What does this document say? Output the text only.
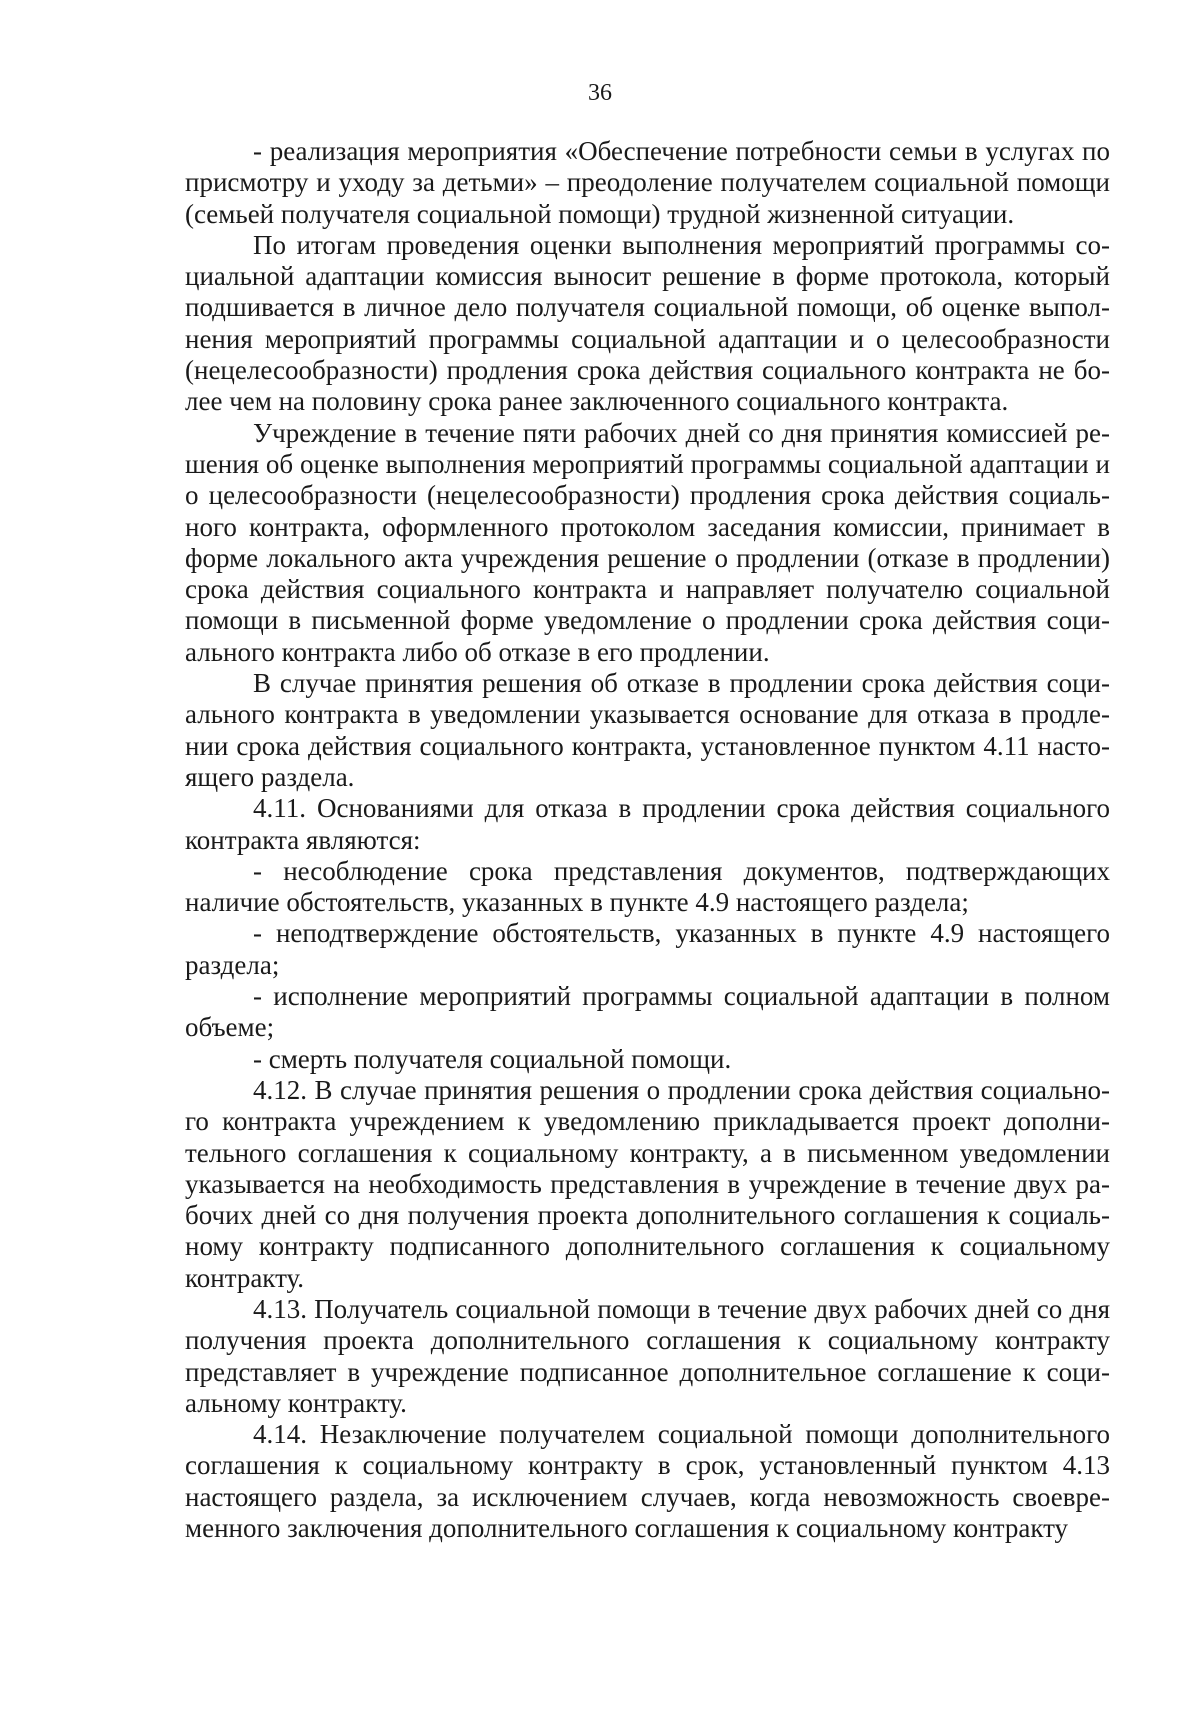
36

- реализация мероприятия «Обеспечение потребности семьи в услугах по присмотру и уходу за детьми» – преодоление получателем социальной помощи (семьей получателя социальной помощи) трудной жизненной ситуации.

По итогам проведения оценки выполнения мероприятий программы социальной адаптации комиссия выносит решение в форме протокола, который подшивается в личное дело получателя социальной помощи, об оценке выполнения мероприятий программы социальной адаптации и о целесообразности (нецелесообразности) продления срока действия социального контракта не более чем на половину срока ранее заключенного социального контракта.

Учреждение в течение пяти рабочих дней со дня принятия комиссией решения об оценке выполнения мероприятий программы социальной адаптации и о целесообразности (нецелесообразности) продления срока действия социального контракта, оформленного протоколом заседания комиссии, принимает в форме локального акта учреждения решение о продлении (отказе в продлении) срока действия социального контракта и направляет получателю социальной помощи в письменной форме уведомление о продлении срока действия социального контракта либо об отказе в его продлении.

В случае принятия решения об отказе в продлении срока действия социального контракта в уведомлении указывается основание для отказа в продлении срока действия социального контракта, установленное пунктом 4.11 настоящего раздела.

4.11. Основаниями для отказа в продлении срока действия социального контракта являются:

- несоблюдение срока представления документов, подтверждающих наличие обстоятельств, указанных в пункте 4.9 настоящего раздела;

- неподтверждение обстоятельств, указанных в пункте 4.9 настоящего раздела;

- исполнение мероприятий программы социальной адаптации в полном объеме;

- смерть получателя социальной помощи.

4.12. В случае принятия решения о продлении срока действия социального контракта учреждением к уведомлению прикладывается проект дополнительного соглашения к социальному контракту, а в письменном уведомлении указывается на необходимость представления в учреждение в течение двух рабочих дней со дня получения проекта дополнительного соглашения к социальному контракту подписанного дополнительного соглашения к социальному контракту.

4.13. Получатель социальной помощи в течение двух рабочих дней со дня получения проекта дополнительного соглашения к социальному контракту представляет в учреждение подписанное дополнительное соглашение к социальному контракту.

4.14. Незаключение получателем социальной помощи дополнительного соглашения к социальному контракту в срок, установленный пунктом 4.13 настоящего раздела, за исключением случаев, когда невозможность своевременного заключения дополнительного соглашения к социальному контракту
